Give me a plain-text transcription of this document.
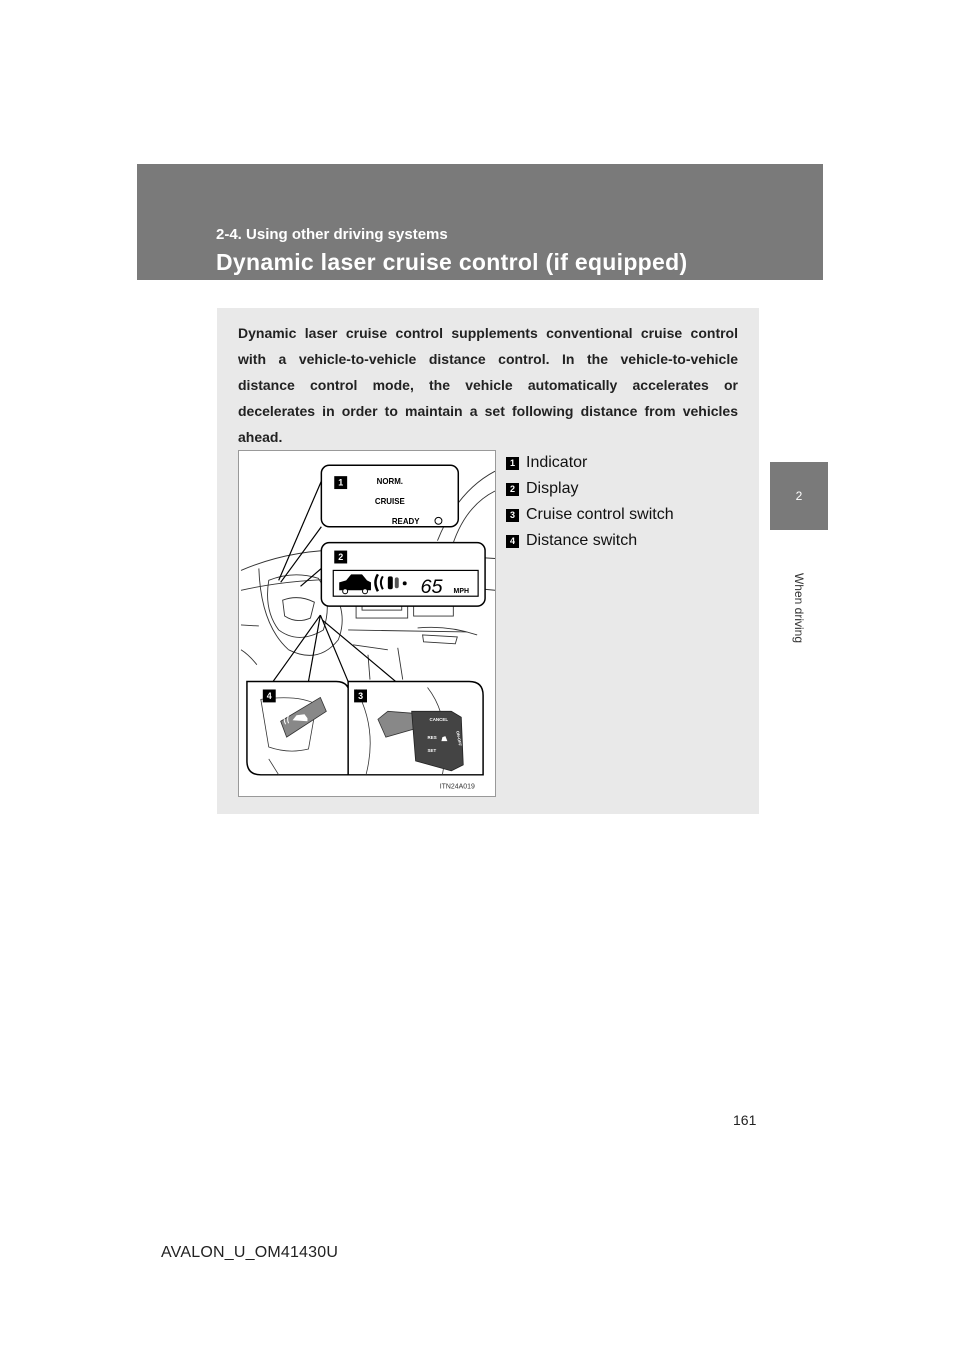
2-4. Using other driving systems
Dynamic laser cruise control (if equipped)
2
When driving

Dynamic laser cruise control supplements conventional cruise control with a vehicle-to-vehicle distance control. In the vehicle-to-vehicle distance control mode, the vehicle automatically accelerates or decelerates in order to maintain a set following distance from vehicles ahead.

NORM.
CRUISE
READY
1
65 MPH
2
4
CANCEL
RES
SET
ON-OFF
3
ITN24A019
1 Indicator
2 Display
3 Cruise control switch
4 Distance switch
161
AVALON_U_OM41430U
